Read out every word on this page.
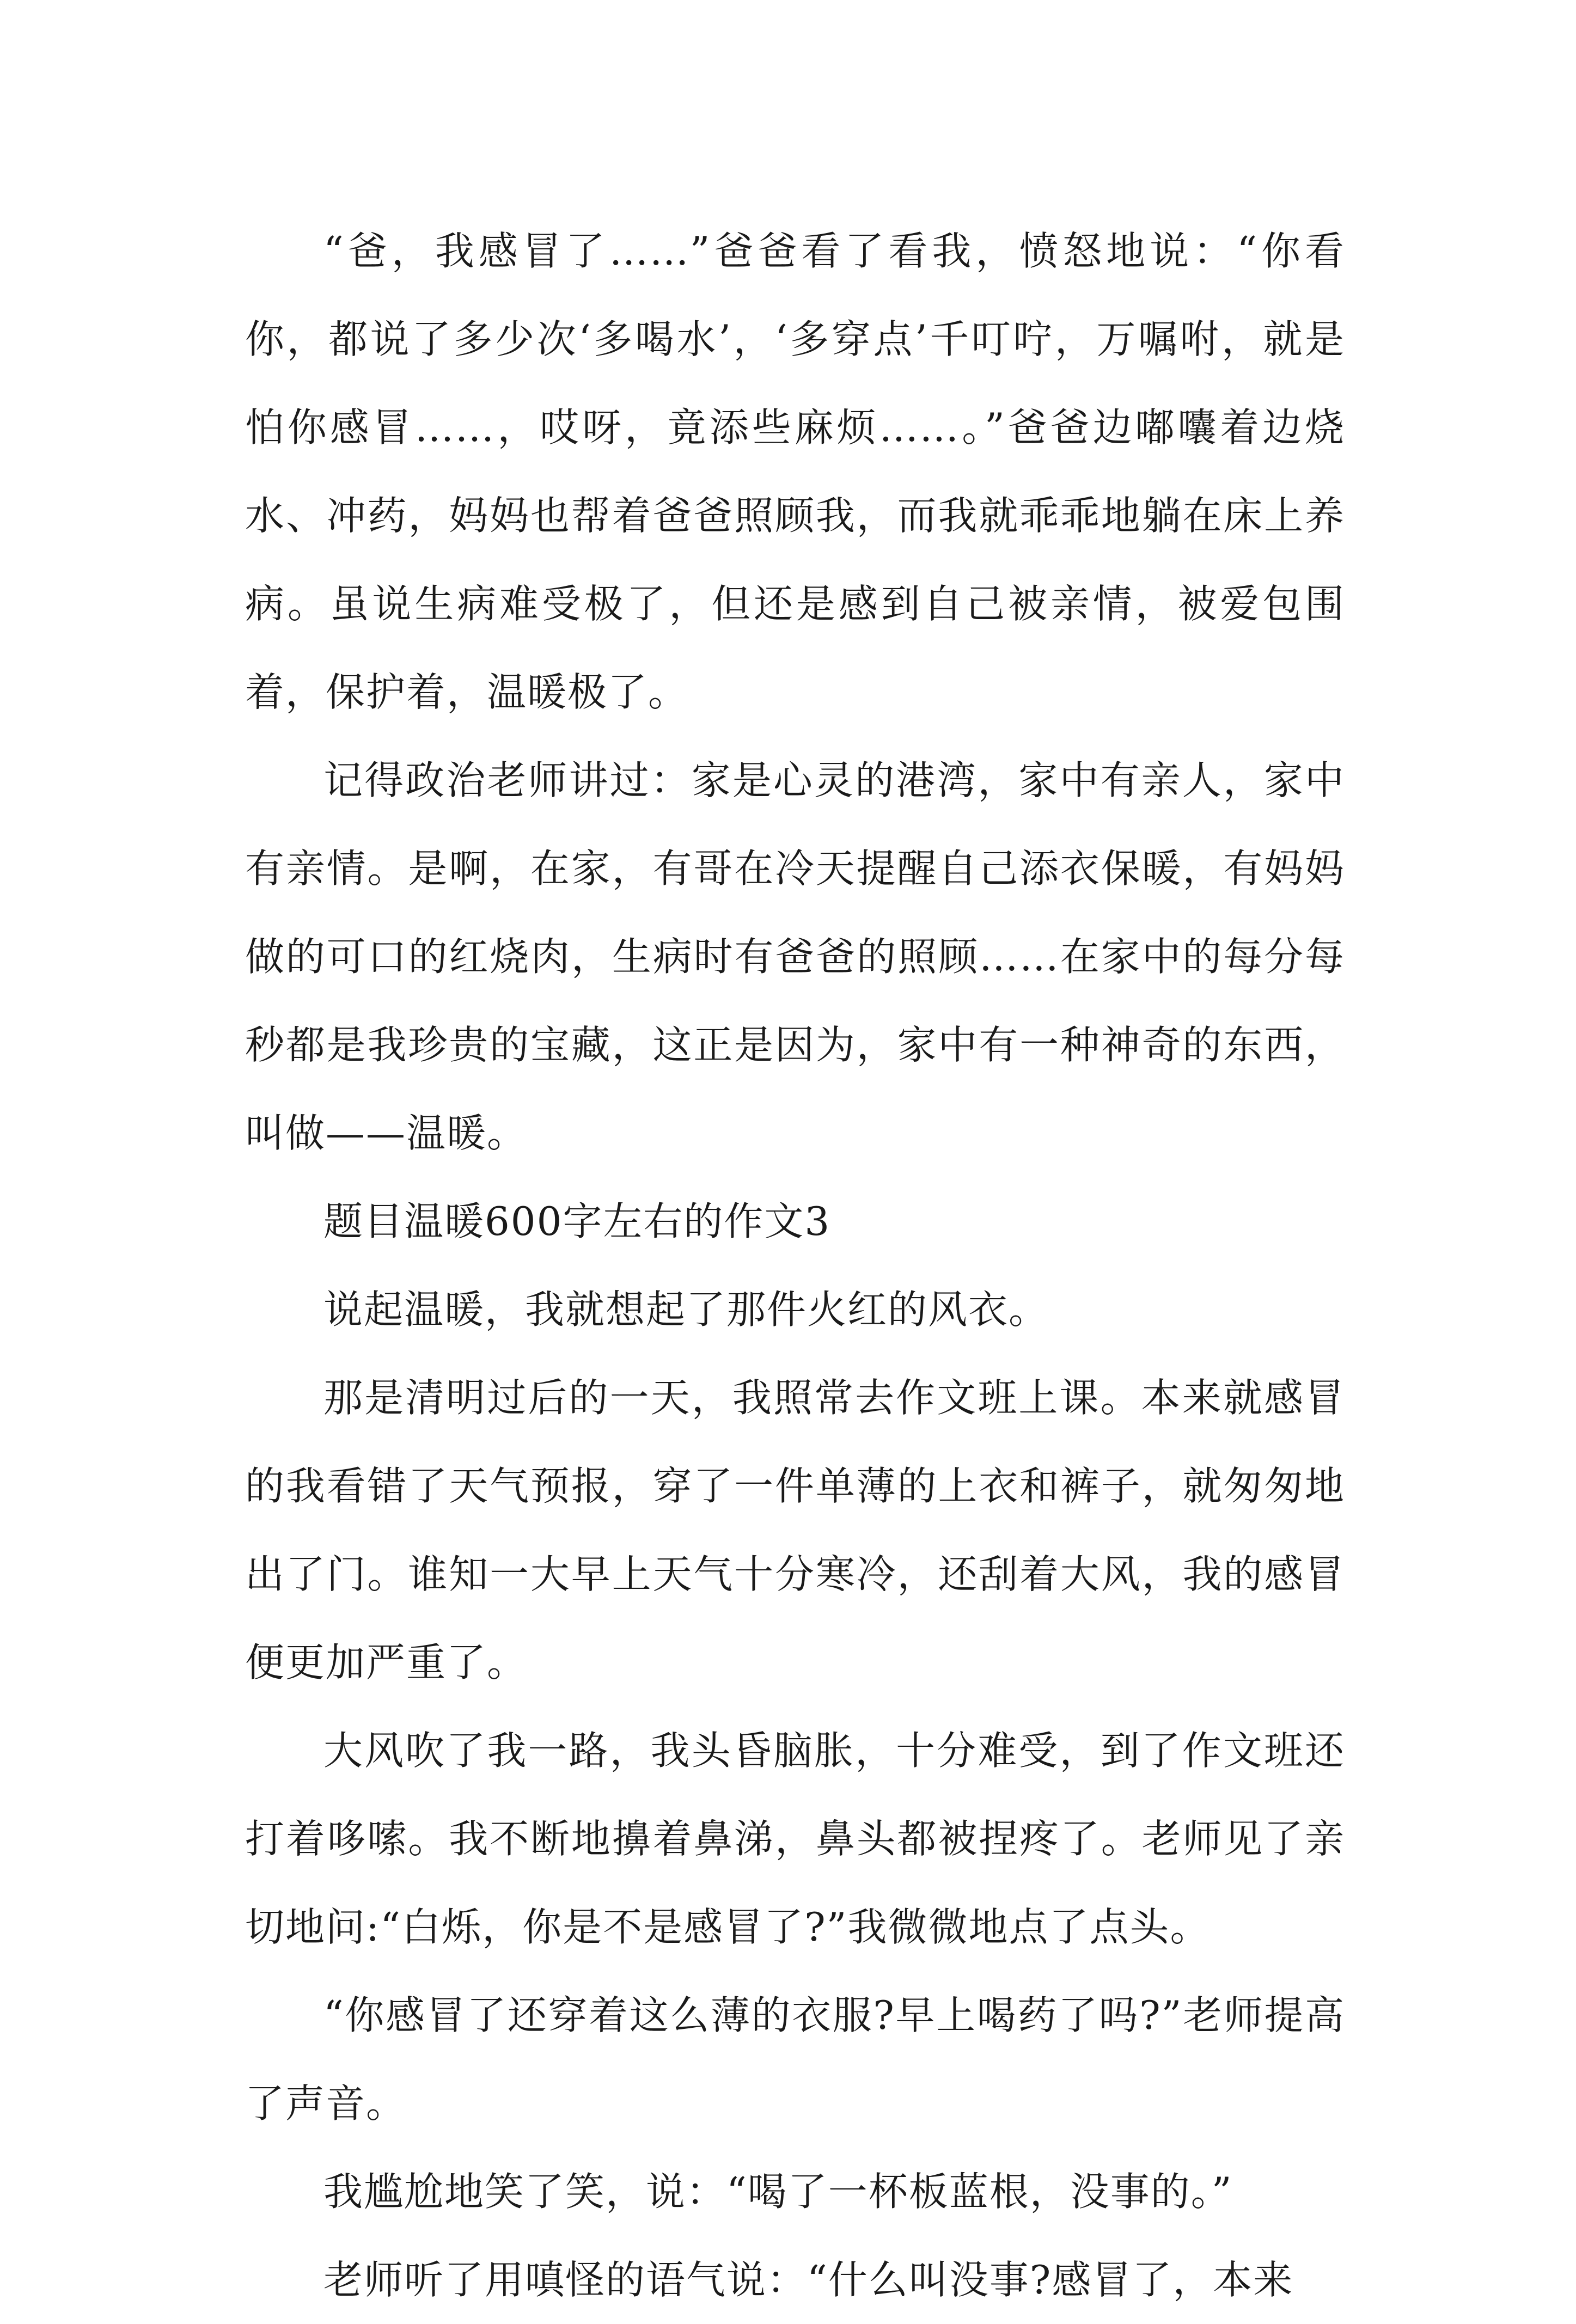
“爸，我感冒了……”爸爸看了看我，愤怒地说：“你看你，都说了多少次‘多喝水’，‘多穿点’千叮咛，万嘱咐，就是怕你感冒……，哎呀，竟添些麻烦……。”爸爸边嘟囔着边烧水、冲药，妈妈也帮着爸爸照顾我，而我就乖乖地躺在床上养病。虽说生病难受极了，但还是感到自己被亲情，被爱包围着，保护着，温暖极了。

记得政治老师讲过：家是心灵的港湾，家中有亲人，家中有亲情。是啊，在家，有哥在冷天提醒自己添衣保暖，有妈妈做的可口的红烧肉，生病时有爸爸的照顾……在家中的每分每秒都是我珍贵的宝藏，这正是因为，家中有一种神奇的东西，叫做——温暖。

题目温暖600字左右的作文3

说起温暖，我就想起了那件火红的风衣。

那是清明过后的一天，我照常去作文班上课。本来就感冒的我看错了天气预报，穿了一件单薄的上衣和裤子，就匆匆地出了门。谁知一大早上天气十分寒冷，还刮着大风，我的感冒便更加严重了。

大风吹了我一路，我头昏脑胀，十分难受，到了作文班还打着哆嗦。我不断地擤着鼻涕，鼻头都被捏疼了。老师见了亲切地问:“白烁，你是不是感冒了?”我微微地点了点头。

“你感冒了还穿着这么薄的衣服?早上喝药了吗?”老师提高了声音。

我尴尬地笑了笑，说：“喝了一杯板蓝根，没事的。”

老师听了用嗔怪的语气说：“什么叫没事?感冒了，本来
